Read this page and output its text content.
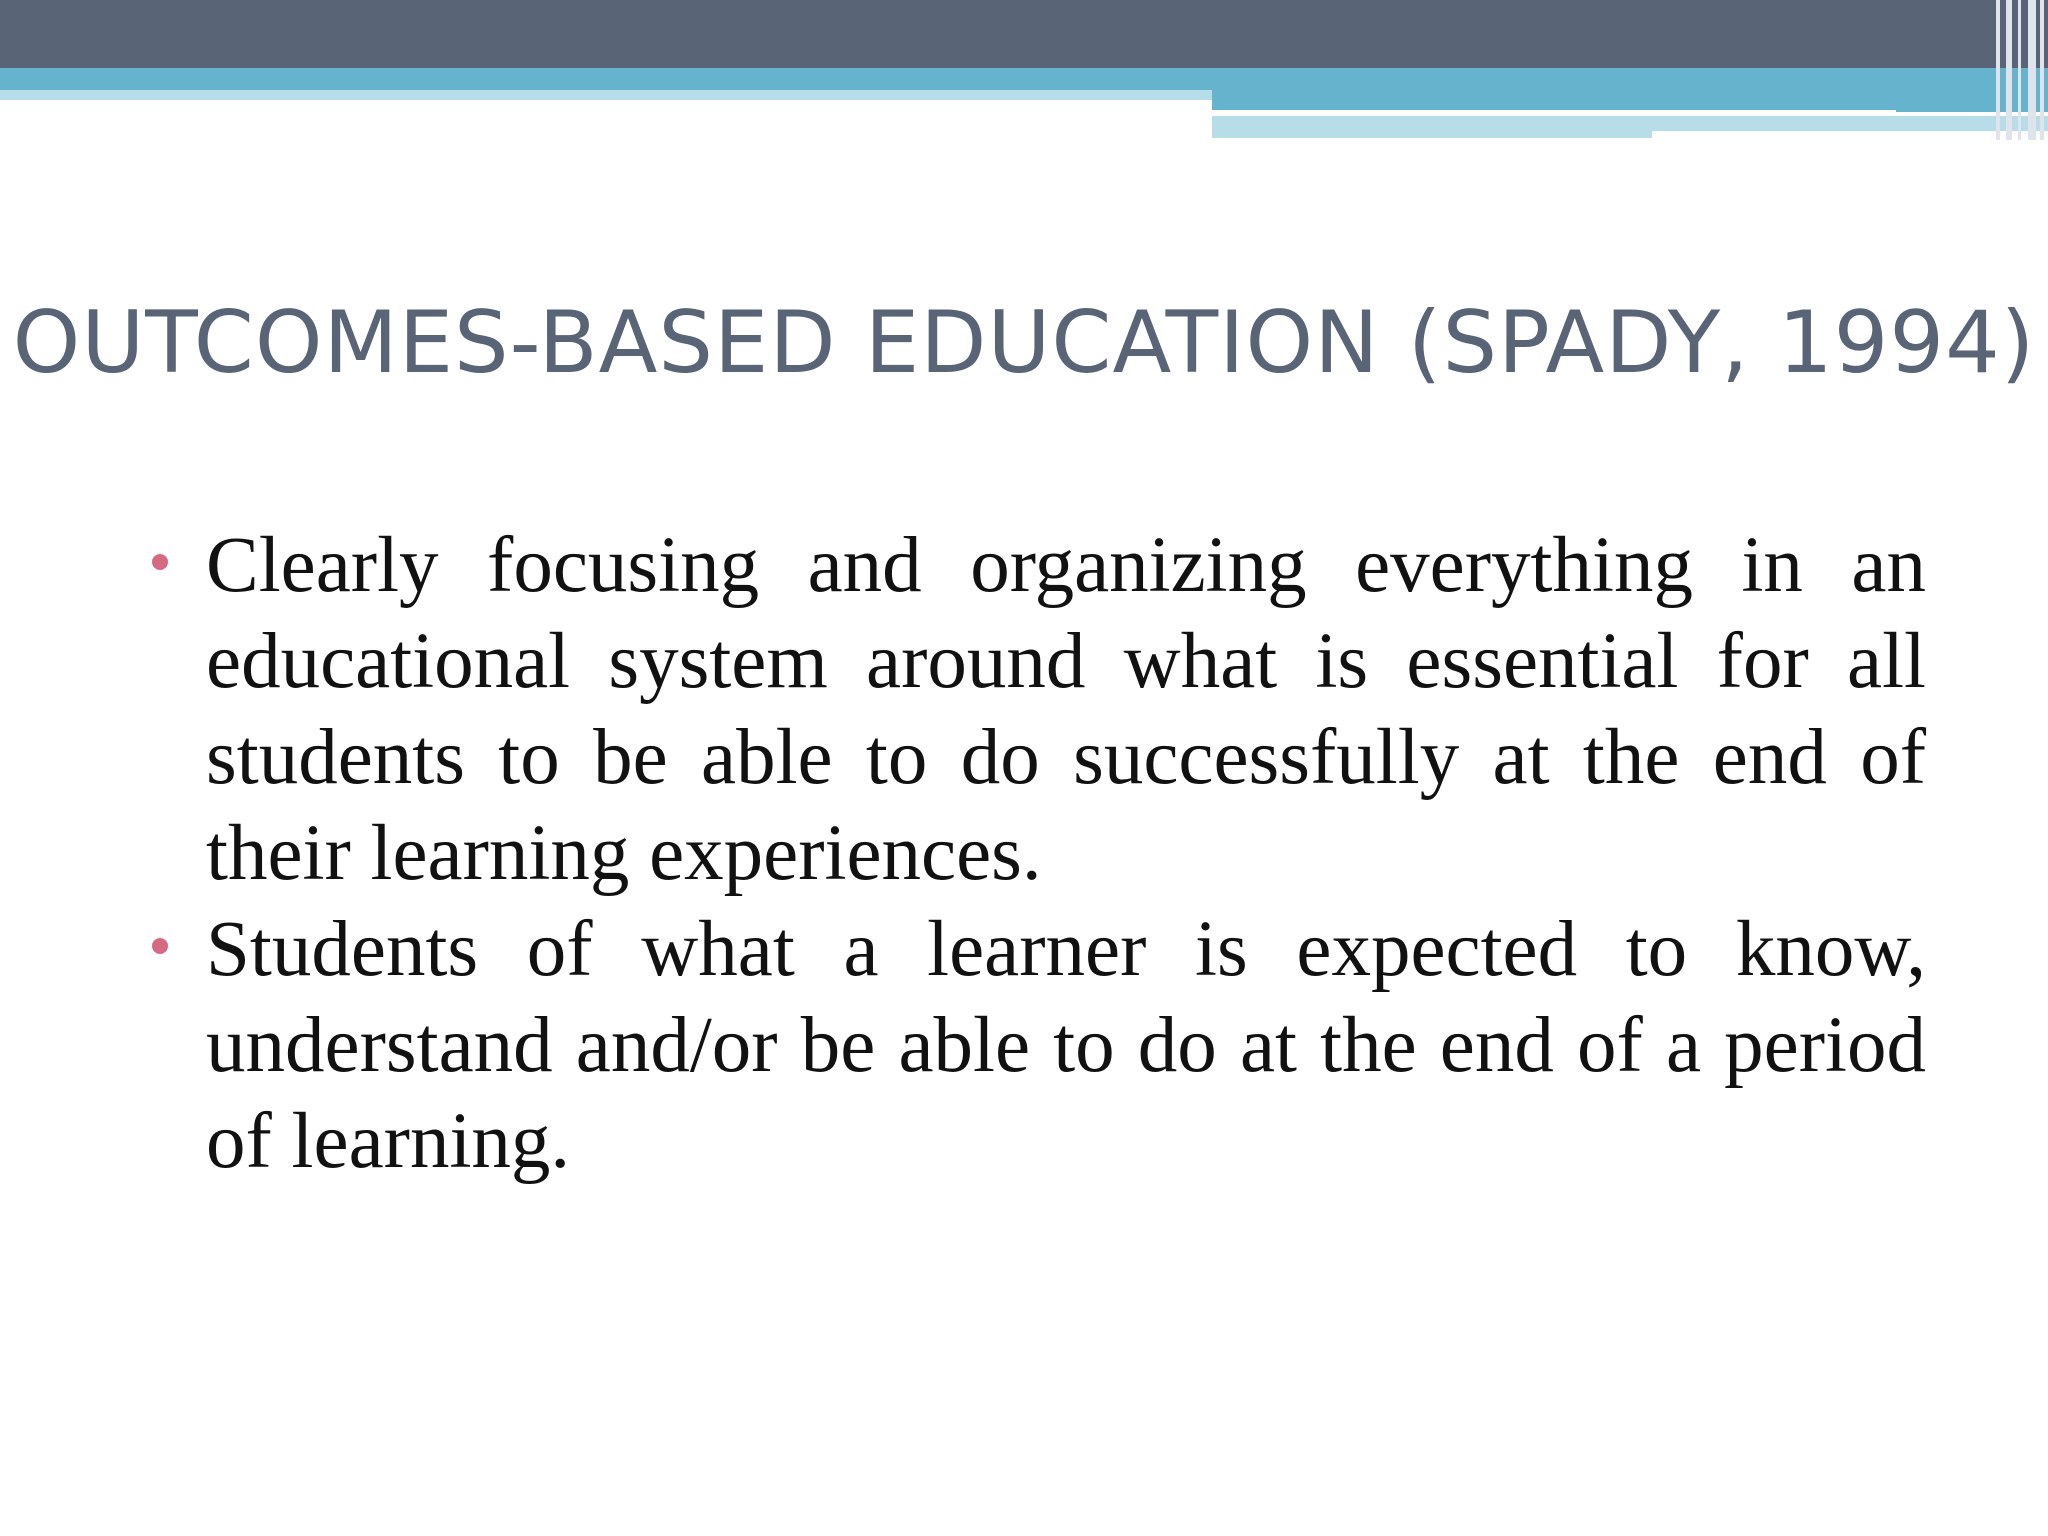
OUTCOMES-BASED EDUCATION (SPADY, 1994)
Clearly focusing and organizing everything in an educational system around what is essential for all students to be able to do successfully at the end of their learning experiences.
Students of what a learner is expected to know, understand and/or be able to do at the end of a period of learning.
